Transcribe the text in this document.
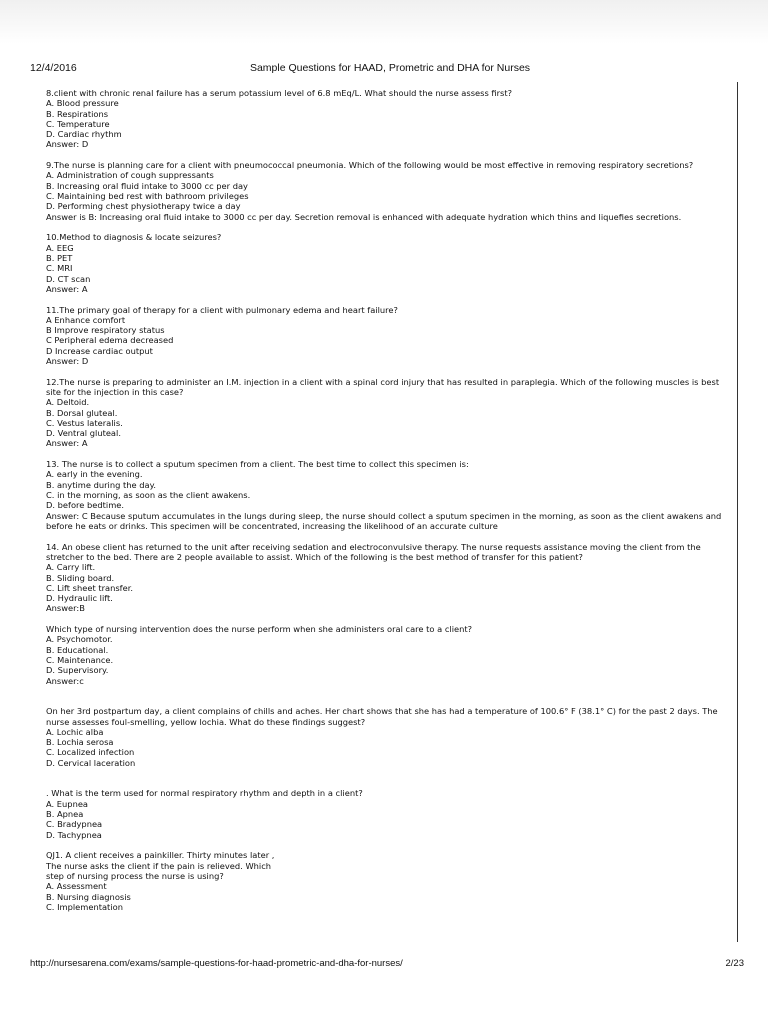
12/4/2016	Sample Questions for HAAD, Prometric and DHA for Nurses
8.client with chronic renal failure has a serum potassium level of 6.8 mEq/L. What should the nurse assess first?
A. Blood pressure
B. Respirations
C. Temperature
D. Cardiac rhythm
Answer: D
9.The nurse is planning care for a client with pneumococcal pneumonia. Which of the following would be most effective in removing respiratory secretions?
A. Administration of cough suppressants
B. Increasing oral fluid intake to 3000 cc per day
C. Maintaining bed rest with bathroom privileges
D. Performing chest physiotherapy twice a day
Answer is B: Increasing oral fluid intake to 3000 cc per day. Secretion removal is enhanced with adequate hydration which thins and liquefies secretions.
10.Method to diagnosis & locate seizures?
A. EEG
B. PET
C. MRI
D. CT scan
Answer: A
11.The primary goal of therapy for a client with pulmonary edema and heart failure?
A Enhance comfort
B Improve respiratory status
C Peripheral edema decreased
D Increase cardiac output
Answer: D
12.The nurse is preparing to administer an I.M. injection in a client with a spinal cord injury that has resulted in paraplegia. Which of the following muscles is best site for the injection in this case?
A. Deltoid.
B. Dorsal gluteal.
C. Vestus lateralis.
D. Ventral gluteal.
Answer: A
13. The nurse is to collect a sputum specimen from a client. The best time to collect this specimen is:
A. early in the evening.
B. anytime during the day.
C. in the morning, as soon as the client awakens.
D. before bedtime.
Answer: C Because sputum accumulates in the lungs during sleep, the nurse should collect a sputum specimen in the morning, as soon as the client awakens and before he eats or drinks. This specimen will be concentrated, increasing the likelihood of an accurate culture
14. An obese client has returned to the unit after receiving sedation and electroconvulsive therapy. The nurse requests assistance moving the client from the stretcher to the bed. There are 2 people available to assist. Which of the following is the best method of transfer for this patient?
A. Carry lift.
B. Sliding board.
C. Lift sheet transfer.
D. Hydraulic lift.
Answer:B
Which type of nursing intervention does the nurse perform when she administers oral care to a client?
A. Psychomotor.
B. Educational.
C. Maintenance.
D. Supervisory.
Answer:c
On her 3rd postpartum day, a client complains of chills and aches. Her chart shows that she has had a temperature of 100.6° F (38.1° C) for the past 2 days. The nurse assesses foul-smelling, yellow lochia. What do these findings suggest?
A. Lochic alba
B. Lochia serosa
C. Localized infection
D. Cervical laceration
. What is the term used for normal respiratory rhythm and depth in a client?
A. Eupnea
B. Apnea
C. Bradypnea
D. Tachypnea
QJ1. A client receives a painkiller. Thirty minutes later , The nurse asks the client if the pain is relieved. Which step of nursing process the nurse is using?
A. Assessment
B. Nursing diagnosis
C. Implementation
http://nursesarena.com/exams/sample-questions-for-haad-prometric-and-dha-for-nurses/	2/23
